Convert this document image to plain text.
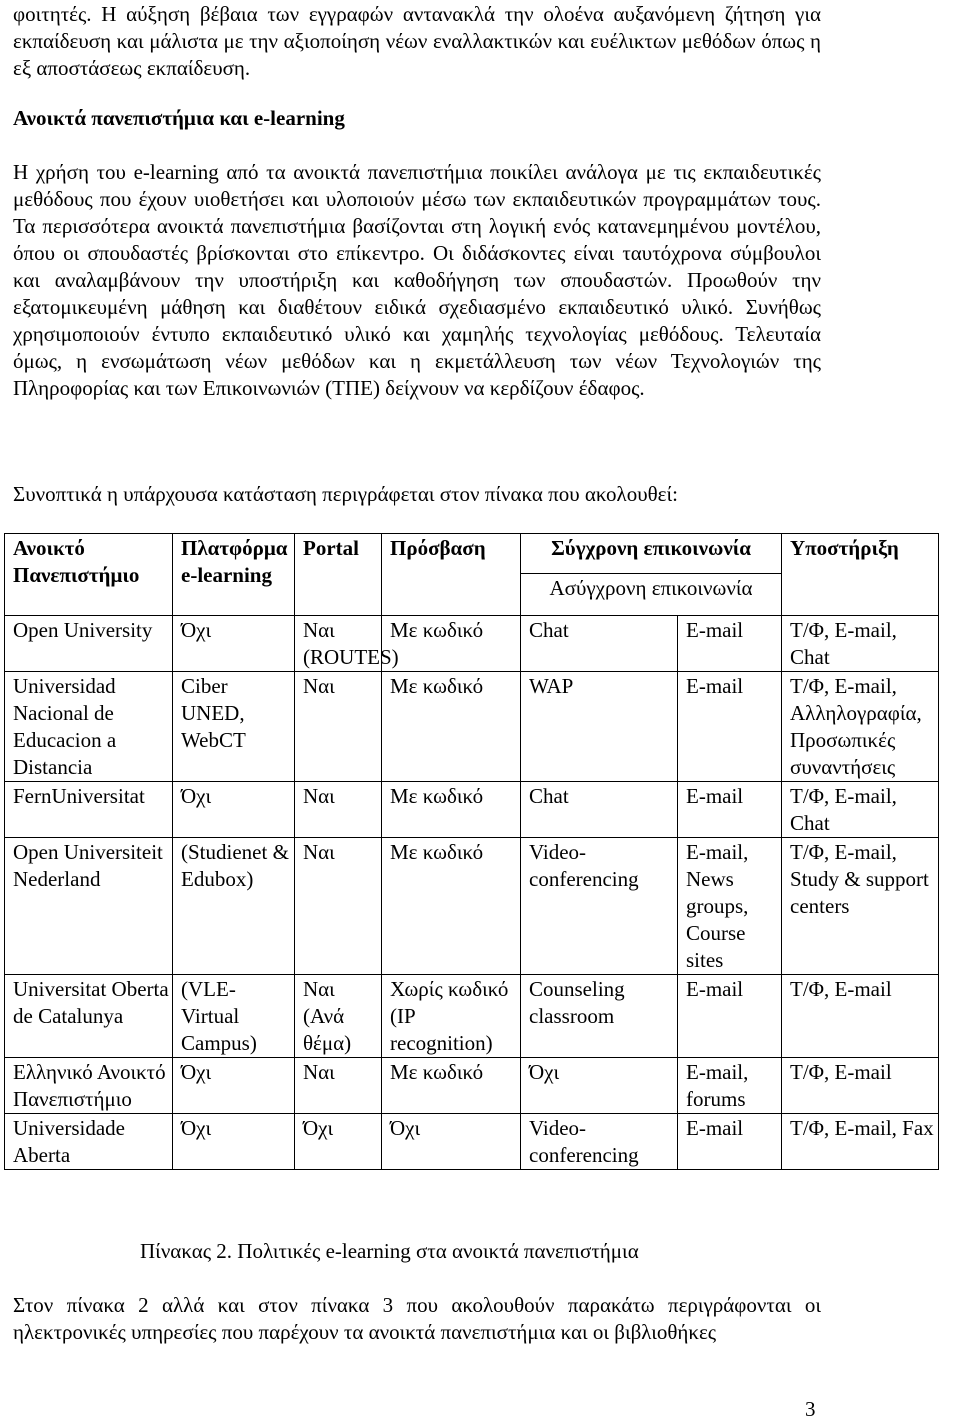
φοιτητές. Η αύξηση βέβαια των εγγραφών αντανακλά την ολοένα αυξανόμενη ζήτηση για εκπαίδευση και μάλιστα με την αξιοποίηση νέων εναλλακτικών και ευέλικτων μεθόδων όπως η εξ αποστάσεως εκπαίδευση.

Ανοικτά πανεπιστήμια και e-learning

Η χρήση του e-learning από τα ανοικτά πανεπιστήμια ποικίλει ανάλογα με τις εκπαιδευτικές μεθόδους που έχουν υιοθετήσει και υλοποιούν μέσω των εκπαιδευτικών προγραμμάτων τους. Τα περισσότερα ανοικτά πανεπιστήμια βασίζονται στη λογική ενός κατανεμημένου μοντέλου, όπου οι σπουδαστές βρίσκονται στο επίκεντρο. Οι διδάσκοντες είναι ταυτόχρονα σύμβουλοι και αναλαμβάνουν την υποστήριξη και καθοδήγηση των σπουδαστών. Προωθούν την εξατομικευμένη μάθηση και διαθέτουν ειδικά σχεδιασμένο εκπαιδευτικό υλικό. Συνήθως χρησιμοποιούν έντυπο εκπαιδευτικό υλικό και χαμηλής τεχνολογίας μεθόδους. Τελευταία όμως, η ενσωμάτωση νέων μεθόδων και η εκμετάλλευση των νέων Τεχνολογιών της Πληροφορίας και των Επικοινωνιών (ΤΠΕ) δείχνουν να κερδίζουν έδαφος.

Συνοπτικά η υπάρχουσα κατάσταση περιγράφεται στον πίνακα που ακολουθεί:

Ανοικτό Πανεπιστήμιο	Πλατφόρμα e-learning	Portal	Πρόσβαση	Σύγχρονη επικοινωνία		Υποστήριξη
				Ασύγχρονη επικοινωνία		
Open University	Όχι	Ναι (ROUTES)	Με κωδικό	Chat	E-mail	Τ/Φ, E-mail, Chat
Universidad Nacional de Educacion a Distancia	Ciber UNED, WebCT	Ναι	Με κωδικό	WAP	E-mail	Τ/Φ, E-mail, Αλληλογραφία, Προσωπικές συναντήσεις
FernUniversitat	Όχι	Ναι	Με κωδικό	Chat	E-mail	Τ/Φ, E-mail, Chat
Open Universiteit Nederland	(Studienet & Edubox)	Ναι	Με κωδικό	Video-conferencing	E-mail, News groups, Course sites	Τ/Φ, E-mail, Study & support centers
Universitat Oberta de Catalunya	(VLE-Virtual Campus)	Ναι (Ανά θέμα)	Χωρίς κωδικό (IP recognition)	Counseling classroom	E-mail	Τ/Φ, E-mail
Ελληνικό Ανοικτό Πανεπιστήμιο	Όχι	Ναι	Με κωδικό	Όχι	E-mail, forums	Τ/Φ, E-mail
Universidade Aberta	Όχι	Όχι	Όχι	Video-conferencing	E-mail	Τ/Φ, E-mail, Fax
Πίνακας 2. Πολιτικές e-learning στα ανοικτά πανεπιστήμια

Στον πίνακα 2 αλλά και στον πίνακα 3 που ακολουθούν παρακάτω περιγράφονται οι ηλεκτρονικές υπηρεσίες που παρέχουν τα ανοικτά πανεπιστήμια και οι βιβλιοθήκες

3
